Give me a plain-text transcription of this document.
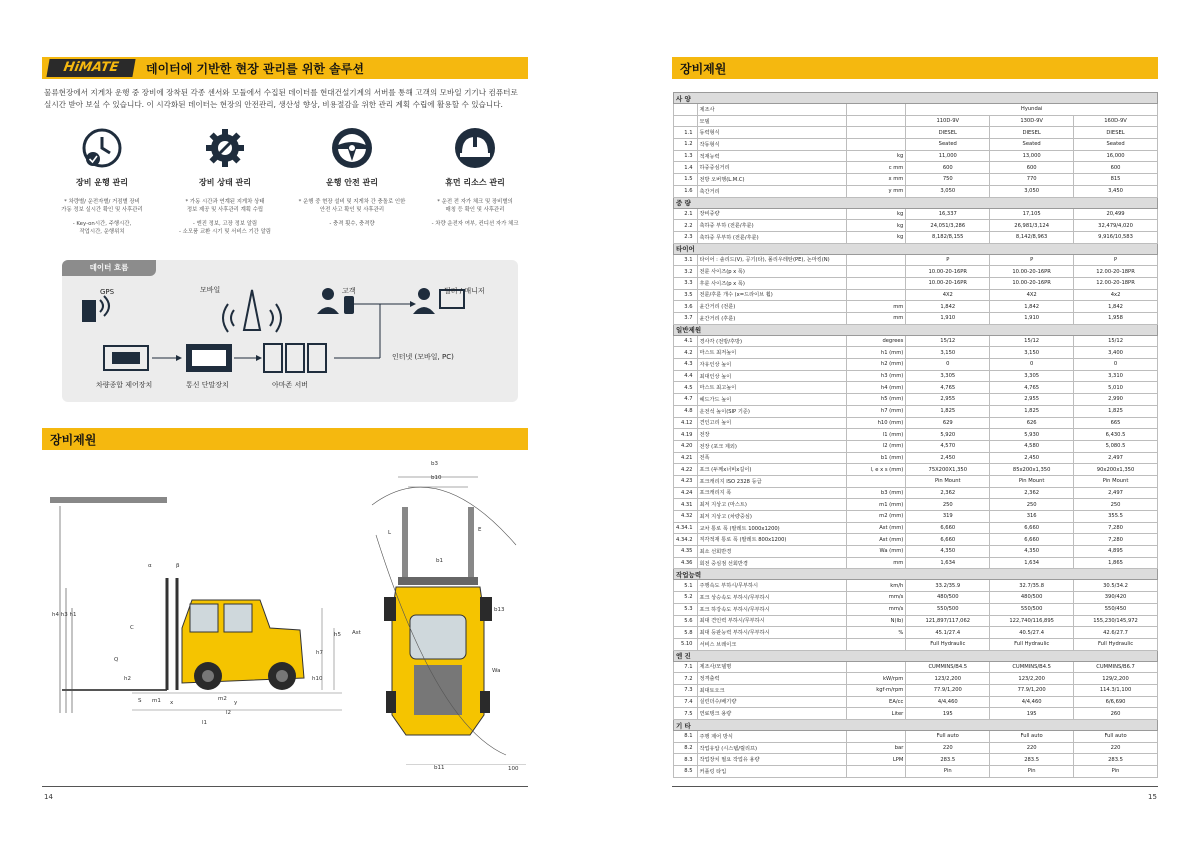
HiMATE	데이터에 기반한 현장 관리를 위한 솔루션
물류현장에서 지게차 운행 중 장비에 장착된 각종 센서와 모듈에서 수집된 데이터를 현대건설기계의 서버를 통해 고객의 모바일 기기나 컴퓨터로
실시간 받아 보실 수 있습니다. 이 시각화된 데이터는 현장의 안전관리, 생산성 향상, 비용절감을 위한 관리 계획 수립에 활용할 수 있습니다.
장비 운행 관리
* 차량별/ 운전자별/ 거점별 장비
가동 정보 실시간 확인 및 사후관리
- Key-on시간, 주행시간,
작업시간, 운행위치
장비 상태 관리
* 가동 시간과 연계된 지게차 상태
정보 제공 및 사후관리 계획 수립
- 엔진 정보, 고장 정보 알림
- 소모품 교환 시기 및 서비스 기간 알림
운행 안전 관리
* 운행 중 현장 설비 및 지게차 간 충돌로 인한
안전 사고 확인 및 사후관리
- 충격 횟수, 충격량
휴먼 리소스 관리
* 운전 전 자가 체크 및 장비별의
매칭 등 확인 및 사후관리
- 차량 운전자 여부, 컨디션 자가 체크
데이터 흐름
GPS	모바일	고객	딜러 / 매니저
차량종합 제어장치	통신 단말장치	아마존 서버
인터넷 (모바일, PC)
장비제원
h4 h3 h1
h5
h7
h10
C
Q
h2
S m1 x
m2
y
l2
l1
α	β
b3
b10
b1
b11
b13
E
L
Ast
Wa
100
14
장비제원
15
사 양					
	제조사		Hyundai		
	모델		110D-9V	130D-9V	160D-9V
1.1	동력형식		DIESEL	DIESEL	DIESEL
1.2	작동형식		Seated	Seated	Seated
1.3	적재능력	kg	11,000	13,000	16,000
1.4	하중중심거리	c mm	600	600	600
1.5	전방 오버행(L.M.C)	x mm	750	770	815
1.6	축간거리	y mm	3,050	3,050	3,450
중 량					
2.1	장비중량	kg	16,337	17,105	20,499
2.2	축하중 부하 (전륜/후륜)	kg	24,051/3,286	26,981/3,124	32,479/4,020
2.3	축하중 무부하 (전륜/후륜)	kg	8,182/8,155	8,142/8,963	9,916/10,583
타이어					
3.1	타이어 : 솔리드(V), 공기(타), 폴리우레탄(PE), 논마킹(N)		P	P	P
3.2	전륜 사이즈(p x 폭)		10.00-20-16PR	10.00-20-16PR	12.00-20-18PR
3.3	후륜 사이즈(p x 폭)		10.00-20-16PR	10.00-20-16PR	12.00-20-18PR
3.5	전륜/후륜 개수 (x=드라이브 휠)		4X2	4X2	4x2
3.6	윤간거리 (전륜)	mm	1,842	1,842	1,842
3.7	윤간거리 (후륜)	mm	1,910	1,910	1,958
일반제원					
4.1	경사각 (전방/후방)	degrees	15/12	15/12	15/12
4.2	마스트 최저높이	h1 (mm)	3,150	3,150	3,400
4.3	자유인상 높이	h2 (mm)	0	0	0
4.4	최대인상 높이	h3 (mm)	3,305	3,305	3,310
4.5	마스트 최고높이	h4 (mm)	4,765	4,765	5,010
4.7	헤드가드 높이	h5 (mm)	2,955	2,955	2,990
4.8	운전석 높이(SIP 기준)	h7 (mm)	1,825	1,825	1,825
4.12	견인고리 높이	h10 (mm)	629	626	665
4.19	전장	l1 (mm)	5,920	5,930	6,430.5
4.20	전장 (포크 제외)	l2 (mm)	4,570	4,580	5,080.5
4.21	전폭	b1 (mm)	2,450	2,450	2,497
4.22	포크 (두께x너비x길이)	l, e x s (mm)	75X200X1,350	85x200x1,350	90x200x1,350
4.23	포크캐리지 ISO 2328 등급		Pin Mount	Pin Mount	Pin Mount
4.24	포크캐리지 폭	b3 (mm)	2,362	2,362	2,497
4.31	최저 지상고 (마스트)	m1 (mm)	250	250	250
4.32	최저 지상고 (차량중심)	m2 (mm)	319	316	355.5
4.34.1	교차 통로 폭 (팔레트 1000x1200)	Ast (mm)	6,660	6,660	7,280
4.34.2	직각적재 통로 폭 (팔레트 800x1200)	Ast (mm)	6,660	6,660	7,280
4.35	최소 선회반경	Wa (mm)	4,350	4,350	4,895
4.36	회전 중심점 선회반경	mm	1,634	1,634	1,865
작업능력					
5.1	주행속도 부하시/무부하시	km/h	33.2/35.9	32.7/35.8	30.5/34.2
5.2	포크 상승속도 부하시/무부하시	mm/s	480/500	480/500	390/420
5.3	포크 하강속도 부하시/무부하시	mm/s	550/500	550/500	550/450
5.6	최대 견인력 부하시/무부하시	N(lb)	121,897/117,062	122,740/116,895	155,230/145,972
5.8	최대 등판능력 부하시/무부하시	%	45.1/27.4	40.5/27.4	42.6/27.7
5.10	서비스 브레이크		Full Hydraulic	Full Hydraulic	Full Hydraulic
엔 진					
7.1	제조사/모델명		CUMMINS/B4.5	CUMMINS/B4.5	CUMMINS/B6.7
7.2	정격출력	kW/rpm	123/2,200	123/2,200	129/2,200
7.3	최대토오크	kgf·m/rpm	77.9/1,200	77.9/1,200	114.3/1,100
7.4	실린더수/배기량	EA/cc	4/4,460	4/4,460	6/6,690
7.5	연료탱크 용량	Liter	195	195	260
기 타					
8.1	주행 제어 방식		Full auto	Full auto	Full auto
8.2	작업유압 (시스템/릴리프)	bar	220	220	220
8.3	작업장치 필요 작업유 용량	LPM	283.5	283.5	283.5
8.5	커플링 타입		Pin	Pin	Pin
